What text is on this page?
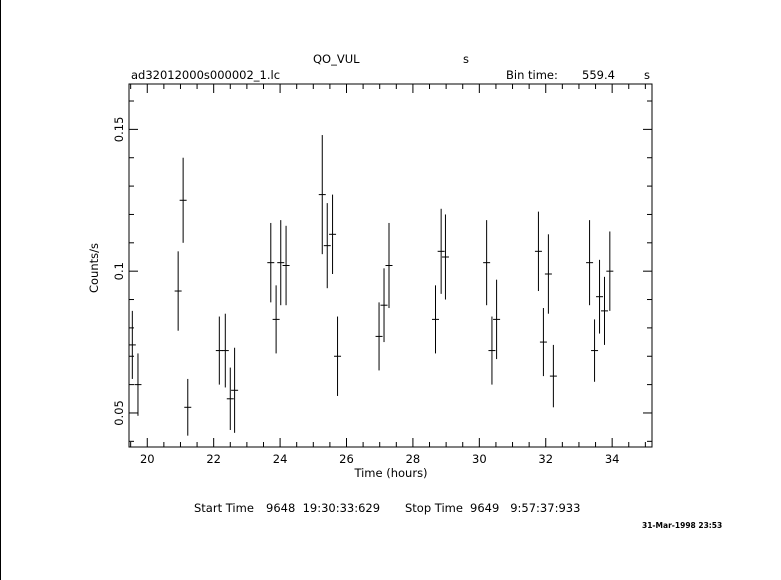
QO_VUL	s
ad32012000s000002_1.lc	Bin time: 559.4	s
20	22	24	26	28	30	32	34
0.05
0.1
0.15
Time (hours)
Counts/s
Start Time 9648  19:30:33:629 Stop Time 9649   9:57:37:933
31-Mar-1998 23:53
